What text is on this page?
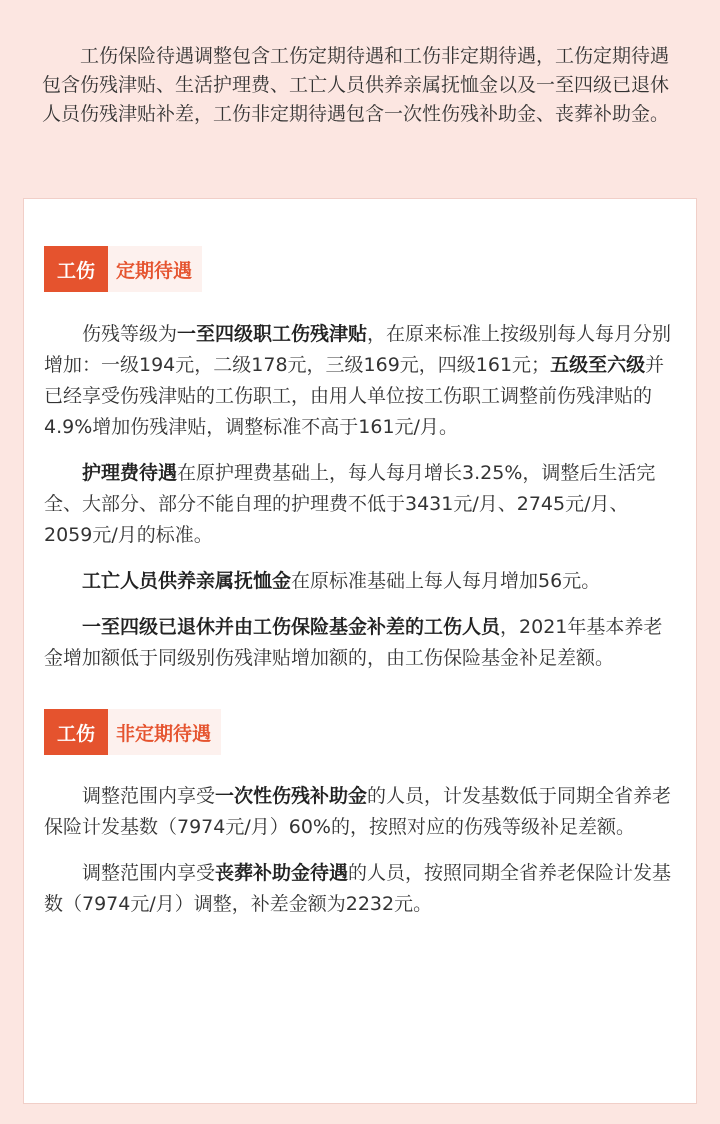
工伤保险待遇调整包含工伤定期待遇和工伤非定期待遇，工伤定期待遇包含伤残津贴、生活护理费、工亡人员供养亲属抚恤金以及一至四级已退休人员伤残津贴补差，工伤非定期待遇包含一次性伤残补助金、丧葬补助金。

工伤	定期待遇

伤残等级为一至四级职工伤残津贴，在原来标准上按级别每人每月分别增加：一级194元，二级178元，三级169元，四级161元；五级至六级并已经享受伤残津贴的工伤职工，由用人单位按工伤职工调整前伤残津贴的4.9%增加伤残津贴，调整标准不高于161元/月。

护理费待遇在原护理费基础上，每人每月增长3.25%，调整后生活完全、大部分、部分不能自理的护理费不低于3431元/月、2745元/月、2059元/月的标准。

工亡人员供养亲属抚恤金在原标准基础上每人每月增加56元。

一至四级已退休并由工伤保险基金补差的工伤人员，2021年基本养老金增加额低于同级别伤残津贴增加额的，由工伤保险基金补足差额。

工伤	非定期待遇

调整范围内享受一次性伤残补助金的人员，计发基数低于同期全省养老保险计发基数（7974元/月）60%的，按照对应的伤残等级补足差额。

调整范围内享受丧葬补助金待遇的人员，按照同期全省养老保险计发基数（7974元/月）调整，补差金额为2232元。
